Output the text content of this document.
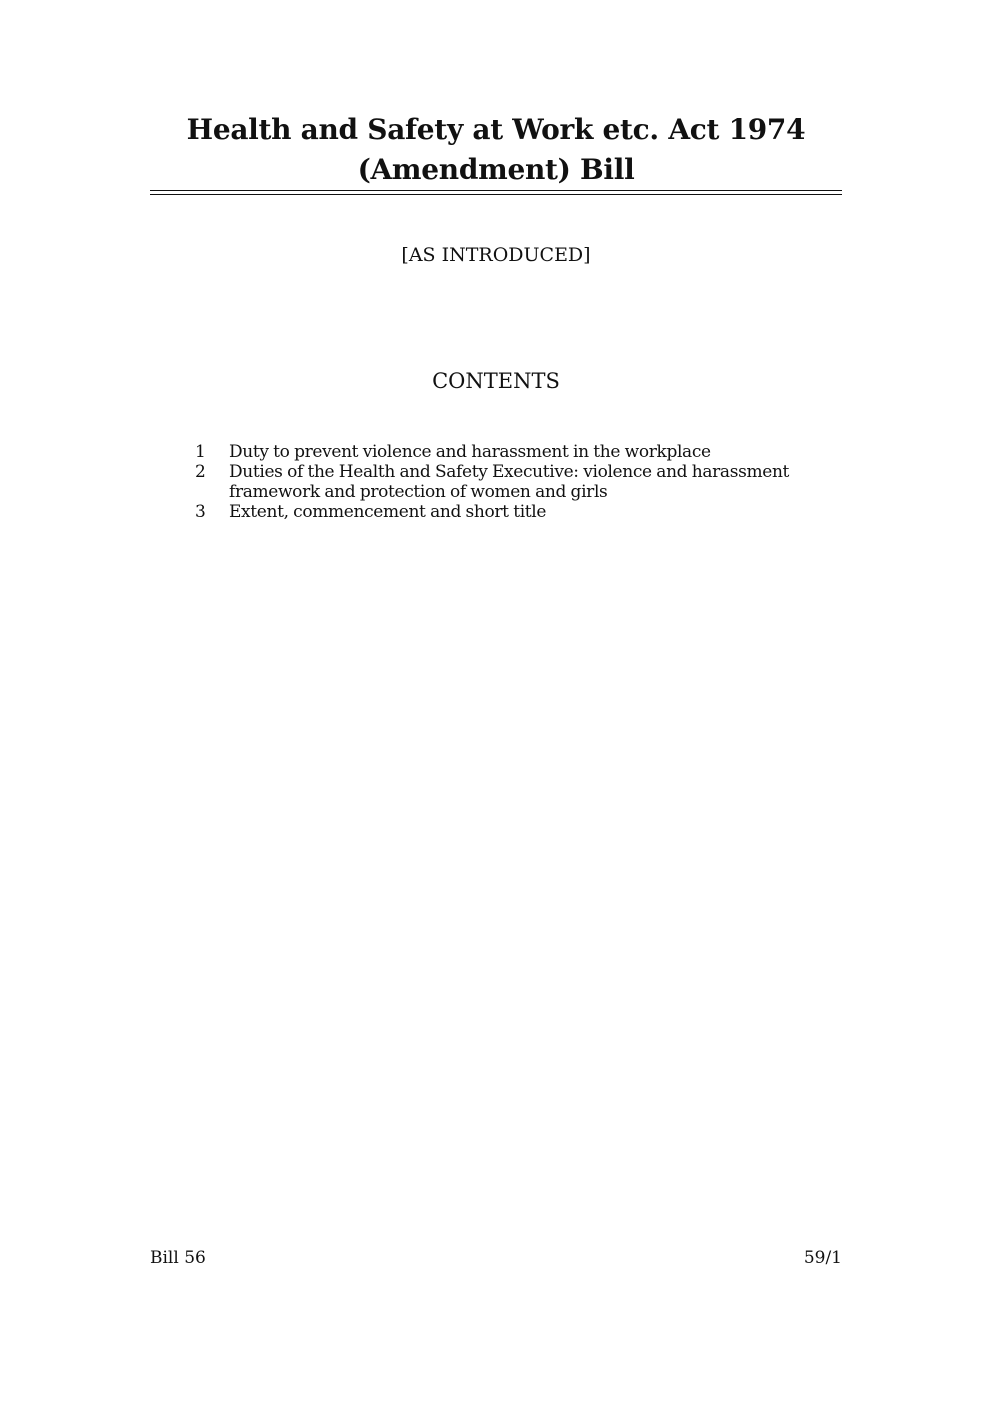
Health and Safety at Work etc. Act 1974
(Amendment) Bill
[AS INTRODUCED]
CONTENTS
1	Duty to prevent violence and harassment in the workplace
2	Duties of the Health and Safety Executive: violence and harassment framework and protection of women and girls
3	Extent, commencement and short title
Bill 56	59/1
